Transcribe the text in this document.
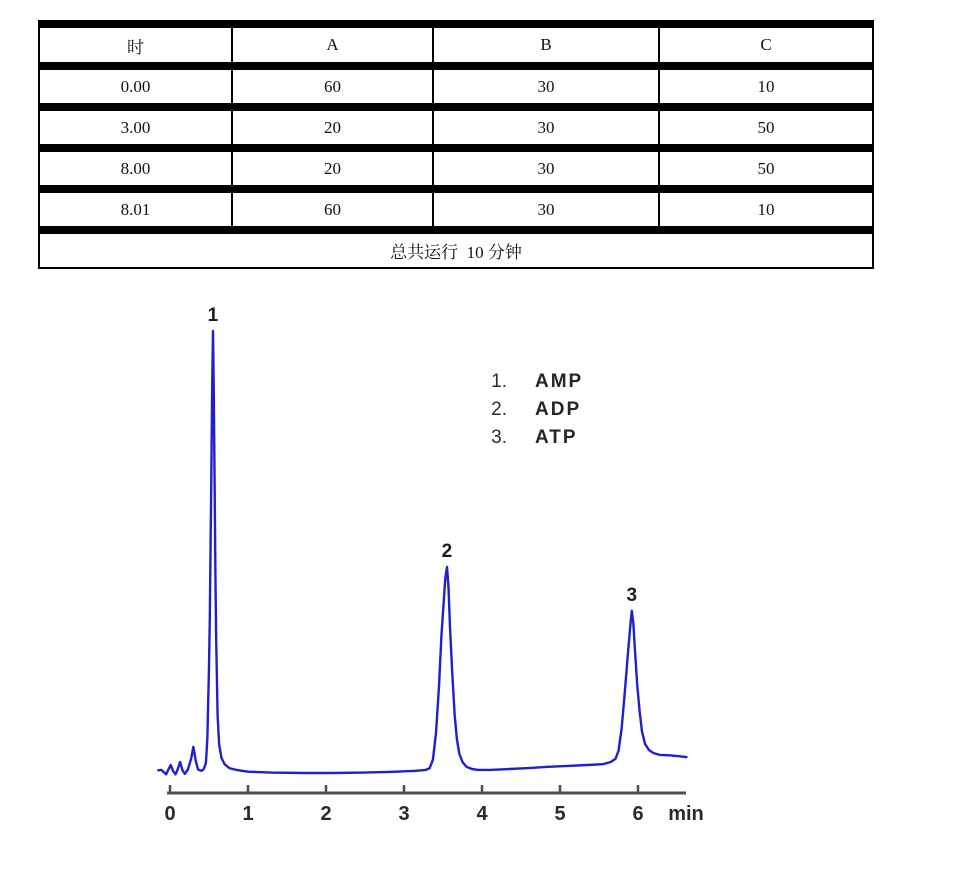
时	A	B	C
0.00	60	30	10
3.00	20	30	50
8.00	20	30	50
8.01	60	30	10
总共运行  10 分钟
0	1	2	3	4	5	6 min
1
2
3
1. AMP
2. ADP
3. ATP
